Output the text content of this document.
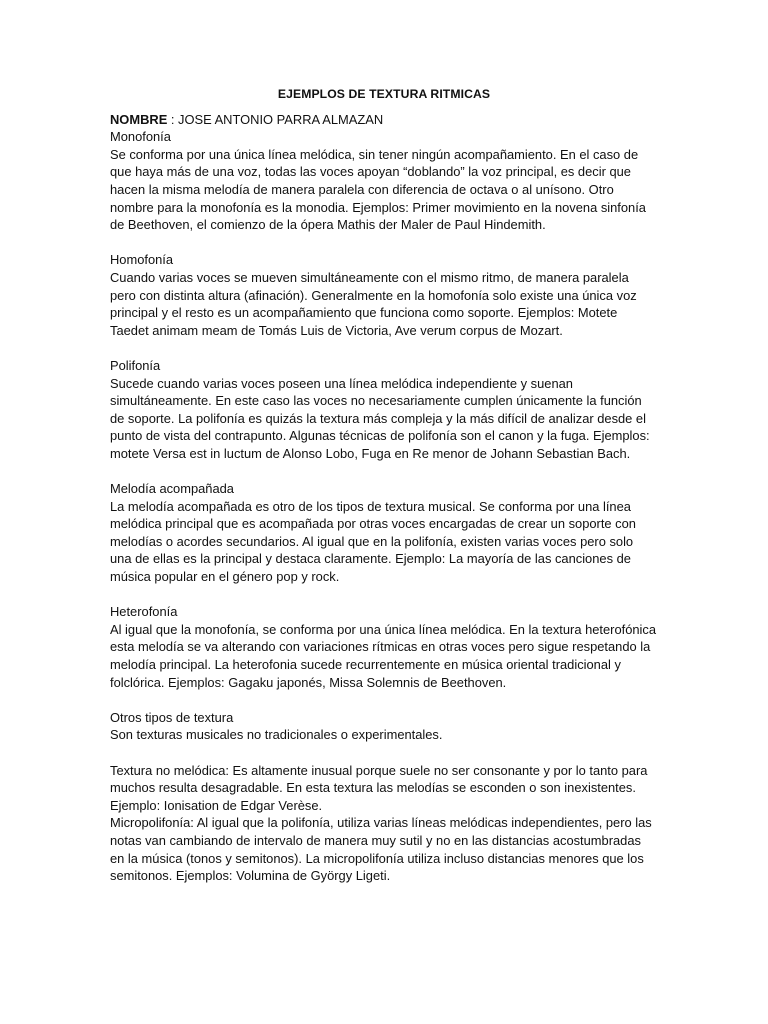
EJEMPLOS DE TEXTURA RITMICAS

NOMBRE : JOSE ANTONIO PARRA ALMAZAN

Monofonía

Se conforma por una única línea melódica, sin tener ningún acompañamiento. En el caso de que haya más de una voz, todas las voces apoyan “doblando” la voz principal, es decir que hacen la misma melodía de manera paralela con diferencia de octava o al unísono. Otro nombre para la monofonía es la monodia. Ejemplos: Primer movimiento en la novena sinfonía de Beethoven, el comienzo de la ópera Mathis der Maler de Paul Hindemith.

Homofonía

Cuando varias voces se mueven simultáneamente con el mismo ritmo, de manera paralela pero con distinta altura (afinación). Generalmente en la homofonía solo existe una única voz principal y el resto es un acompañamiento que funciona como soporte. Ejemplos: Motete Taedet animam meam de Tomás Luis de Victoria, Ave verum corpus de Mozart.

Polifonía

Sucede cuando varias voces poseen una línea melódica independiente y suenan simultáneamente. En este caso las voces no necesariamente cumplen únicamente la función de soporte. La polifonía es quizás la textura más compleja y la más difícil de analizar desde el punto de vista del contrapunto. Algunas técnicas de polifonía son el canon y la fuga. Ejemplos: motete Versa est in luctum de Alonso Lobo, Fuga en Re menor de Johann Sebastian Bach.

Melodía acompañada

La melodía acompañada es otro de los tipos de textura musical. Se conforma por una línea melódica principal que es acompañada por otras voces encargadas de crear un soporte con melodías o acordes secundarios. Al igual que en la polifonía, existen varias voces pero solo una de ellas es la principal y destaca claramente. Ejemplo: La mayoría de las canciones de música popular en el género pop y rock.

Heterofonía

Al igual que la monofonía, se conforma por una única línea melódica. En la textura heterofónica esta melodía se va alterando con variaciones rítmicas en otras voces pero sigue respetando la melodía principal. La heterofonia sucede recurrentemente en música oriental tradicional y folclórica. Ejemplos: Gagaku japonés, Missa Solemnis de Beethoven.

Otros tipos de textura

Son texturas musicales no tradicionales o experimentales.

Textura no melódica: Es altamente inusual porque suele no ser consonante y por lo tanto para muchos resulta desagradable. En esta textura las melodías se esconden o son inexistentes. Ejemplo: Ionisation de Edgar Verèse.

Micropolifonía: Al igual que la polifonía, utiliza varias líneas melódicas independientes, pero las notas van cambiando de intervalo de manera muy sutil y no en las distancias acostumbradas en la música (tonos y semitonos). La micropolifonía utiliza incluso distancias menores que los semitonos. Ejemplos: Volumina de György Ligeti.
